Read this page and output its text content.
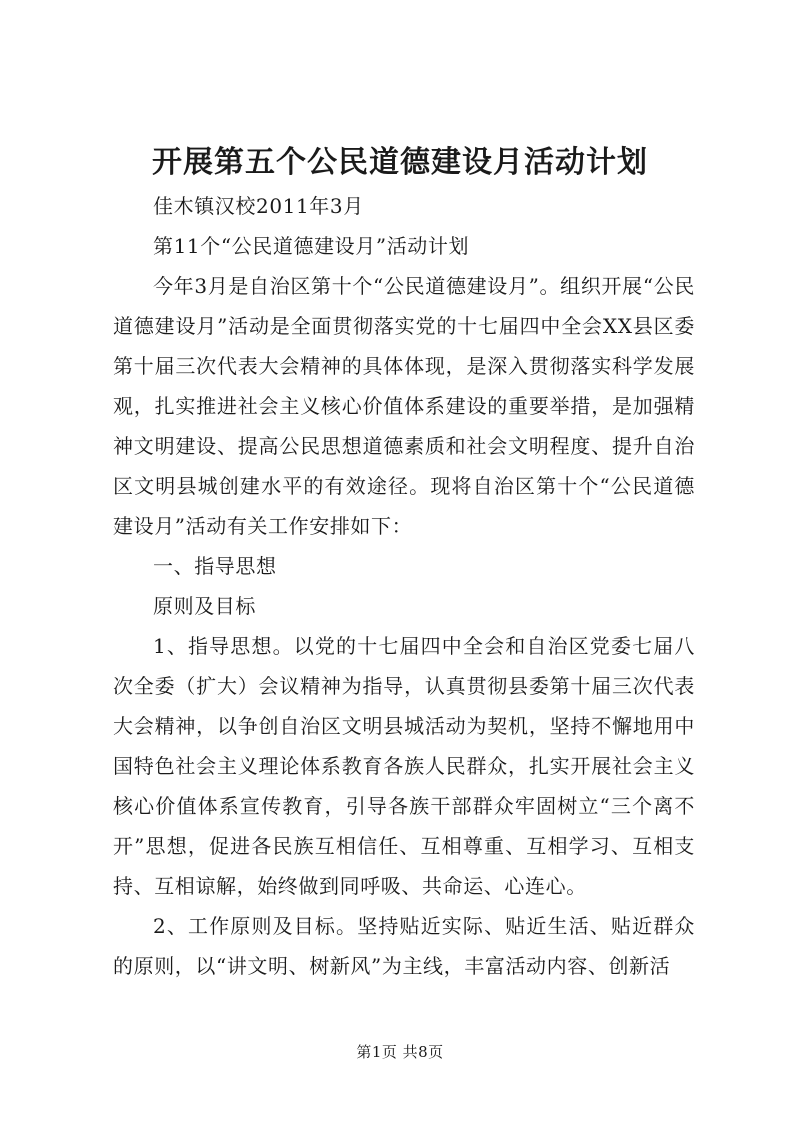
开展第五个公民道德建设月活动计划

佳木镇汉校2011年3月

第11个“公民道德建设月”活动计划

今年3月是自治区第十个“公民道德建设月”。组织开展“公民道德建设月”活动是全面贯彻落实党的十七届四中全会XX县区委第十届三次代表大会精神的具体体现，是深入贯彻落实科学发展观，扎实推进社会主义核心价值体系建设的重要举措，是加强精神文明建设、提高公民思想道德素质和社会文明程度、提升自治区文明县城创建水平的有效途径。现将自治区第十个“公民道德建设月”活动有关工作安排如下：

一、指导思想

原则及目标

1、指导思想。以党的十七届四中全会和自治区党委七届八次全委（扩大）会议精神为指导，认真贯彻县委第十届三次代表大会精神，以争创自治区文明县城活动为契机，坚持不懈地用中国特色社会主义理论体系教育各族人民群众，扎实开展社会主义核心价值体系宣传教育，引导各族干部群众牢固树立“三个离不开”思想，促进各民族互相信任、互相尊重、互相学习、互相支持、互相谅解，始终做到同呼吸、共命运、心连心。

2、工作原则及目标。坚持贴近实际、贴近生活、贴近群众的原则，以“讲文明、树新风”为主线，丰富活动内容、创新活

第1页 共8页
